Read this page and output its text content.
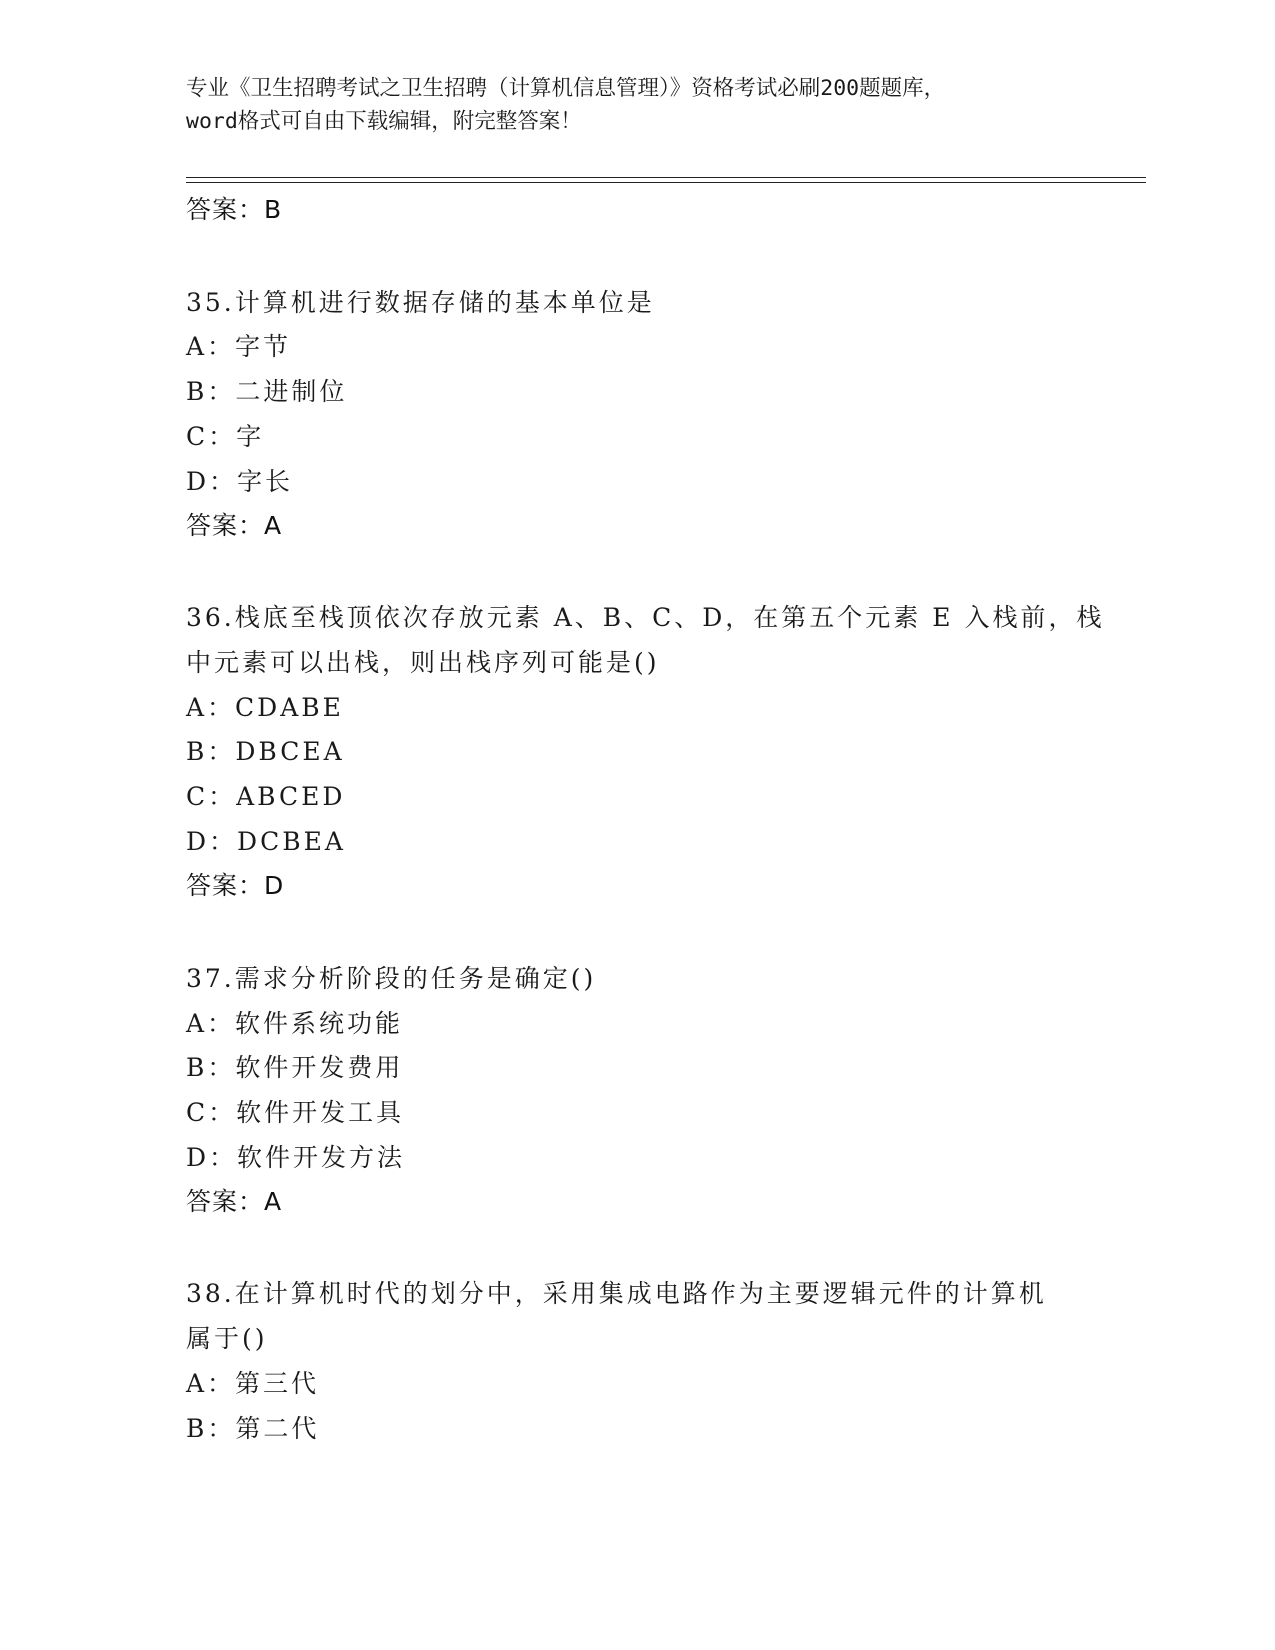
专业《卫生招聘考试之卫生招聘（计算机信息管理）》资格考试必刷200题题库，
word格式可自由下载编辑，附完整答案！
答案：B
35.计算机进行数据存储的基本单位是
A：字节
B：二进制位
C：字
D：字长
答案：A
36.栈底至栈顶依次存放元素 A、B、C、D，在第五个元素 E 入栈前，栈
中元素可以出栈，则出栈序列可能是()
A：CDABE
B：DBCEA
C：ABCED
D：DCBEA
答案：D
37.需求分析阶段的任务是确定()
A：软件系统功能
B：软件开发费用
C：软件开发工具
D：软件开发方法
答案：A
38.在计算机时代的划分中，采用集成电路作为主要逻辑元件的计算机
属于()
A：第三代
B：第二代
